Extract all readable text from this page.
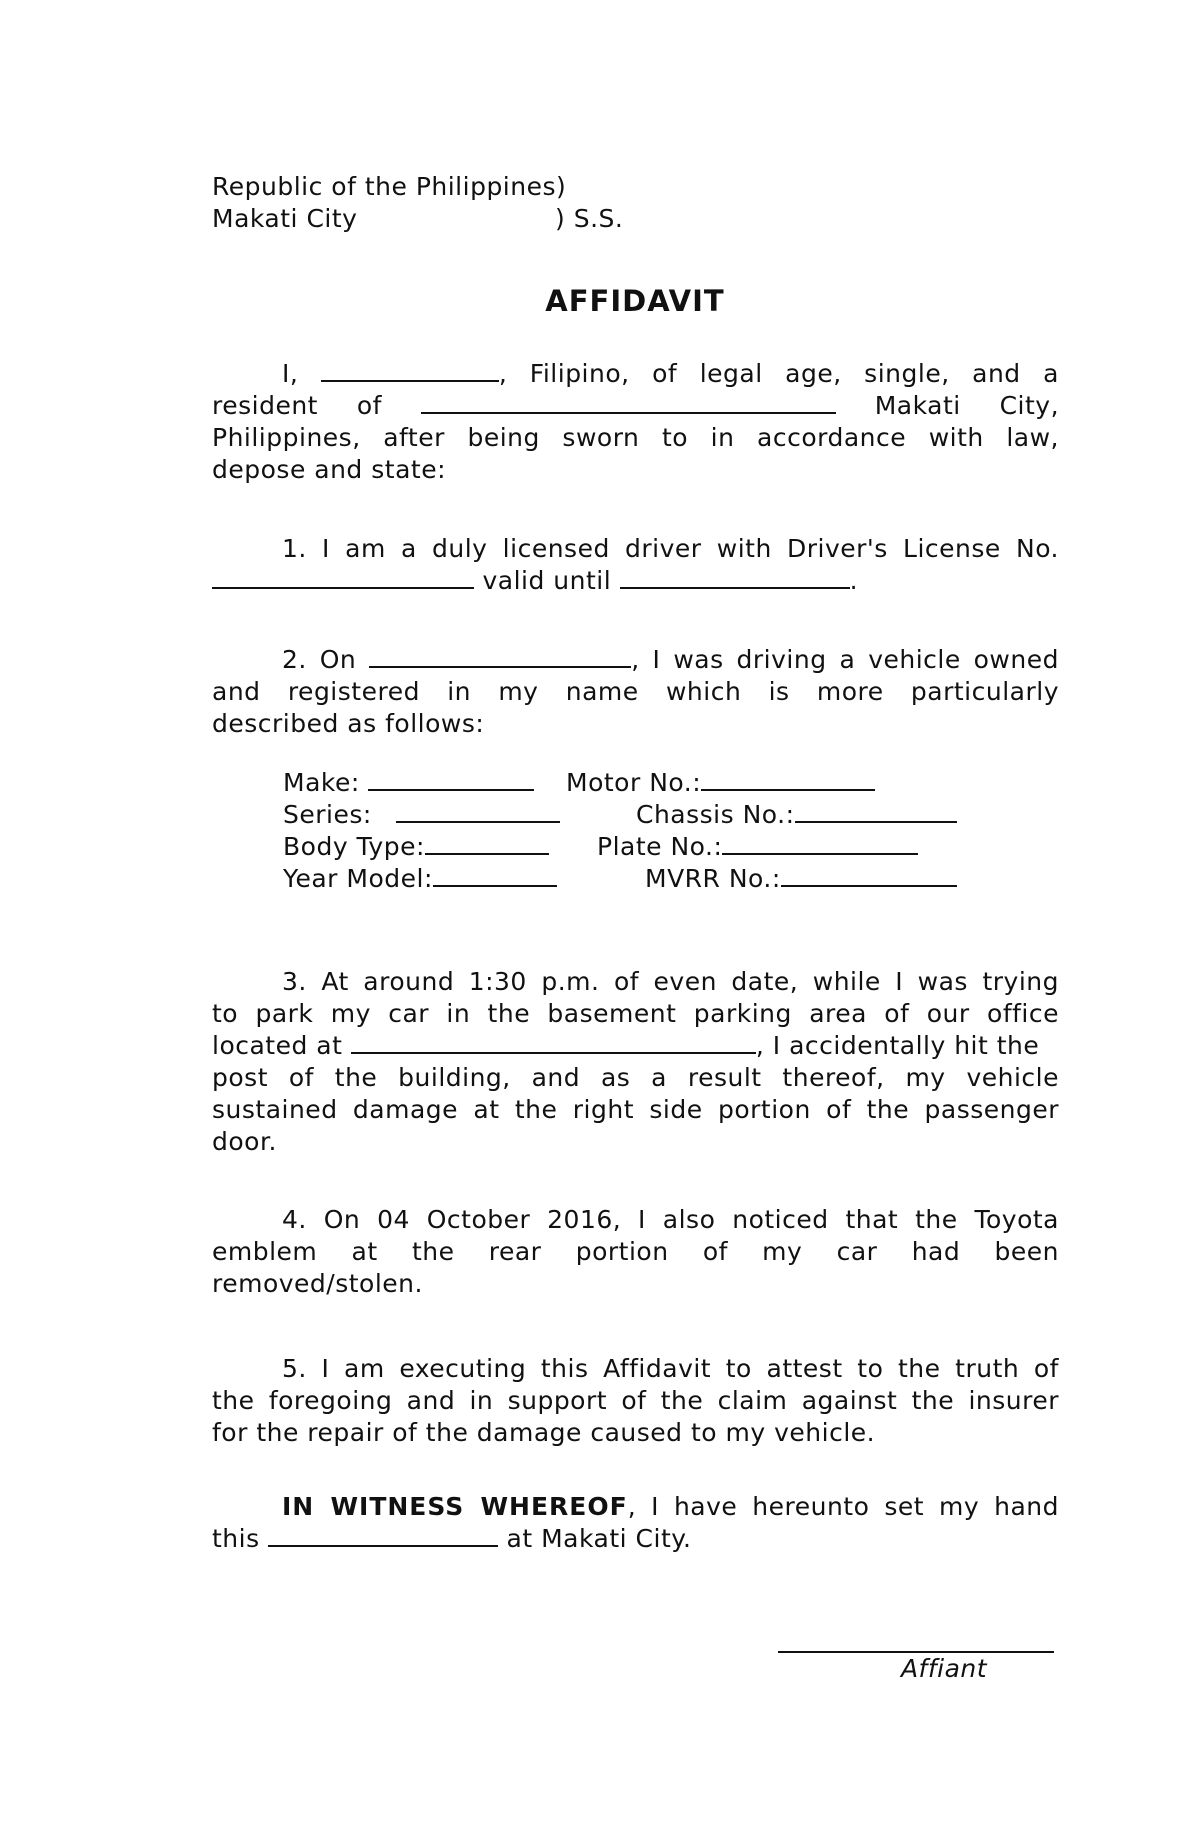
Republic of the Philippines)
Makati City	) S.S.
AFFIDAVIT
I,	, Filipino, of legal age, single, and a
resident of	Makati City,
Philippines, after being sworn to in accordance with law,
depose and state:
1. I am a duly licensed driver with Driver's License No.
valid until	.
2. On	, I was driving a vehicle owned
and registered in my name which is more particularly
described as follows:
Make:	Motor No.:
Series:	Chassis No.:
Body Type:	Plate No.:
Year Model:	MVRR No.:
3. At around 1:30 p.m. of even date, while I was trying
to park my car in the basement parking area of our office
located at	, I accidentally hit the
post of the building, and as a result thereof, my vehicle
sustained damage at the right side portion of the passenger
door.
4. On 04 October 2016, I also noticed that the Toyota
emblem at the rear portion of my car had been
removed/stolen.
5. I am executing this Affidavit to attest to the truth of
the foregoing and in support of the claim against the insurer
for the repair of the damage caused to my vehicle.
IN WITNESS WHEREOF, I have hereunto set my hand
this	at Makati City.
Affiant
